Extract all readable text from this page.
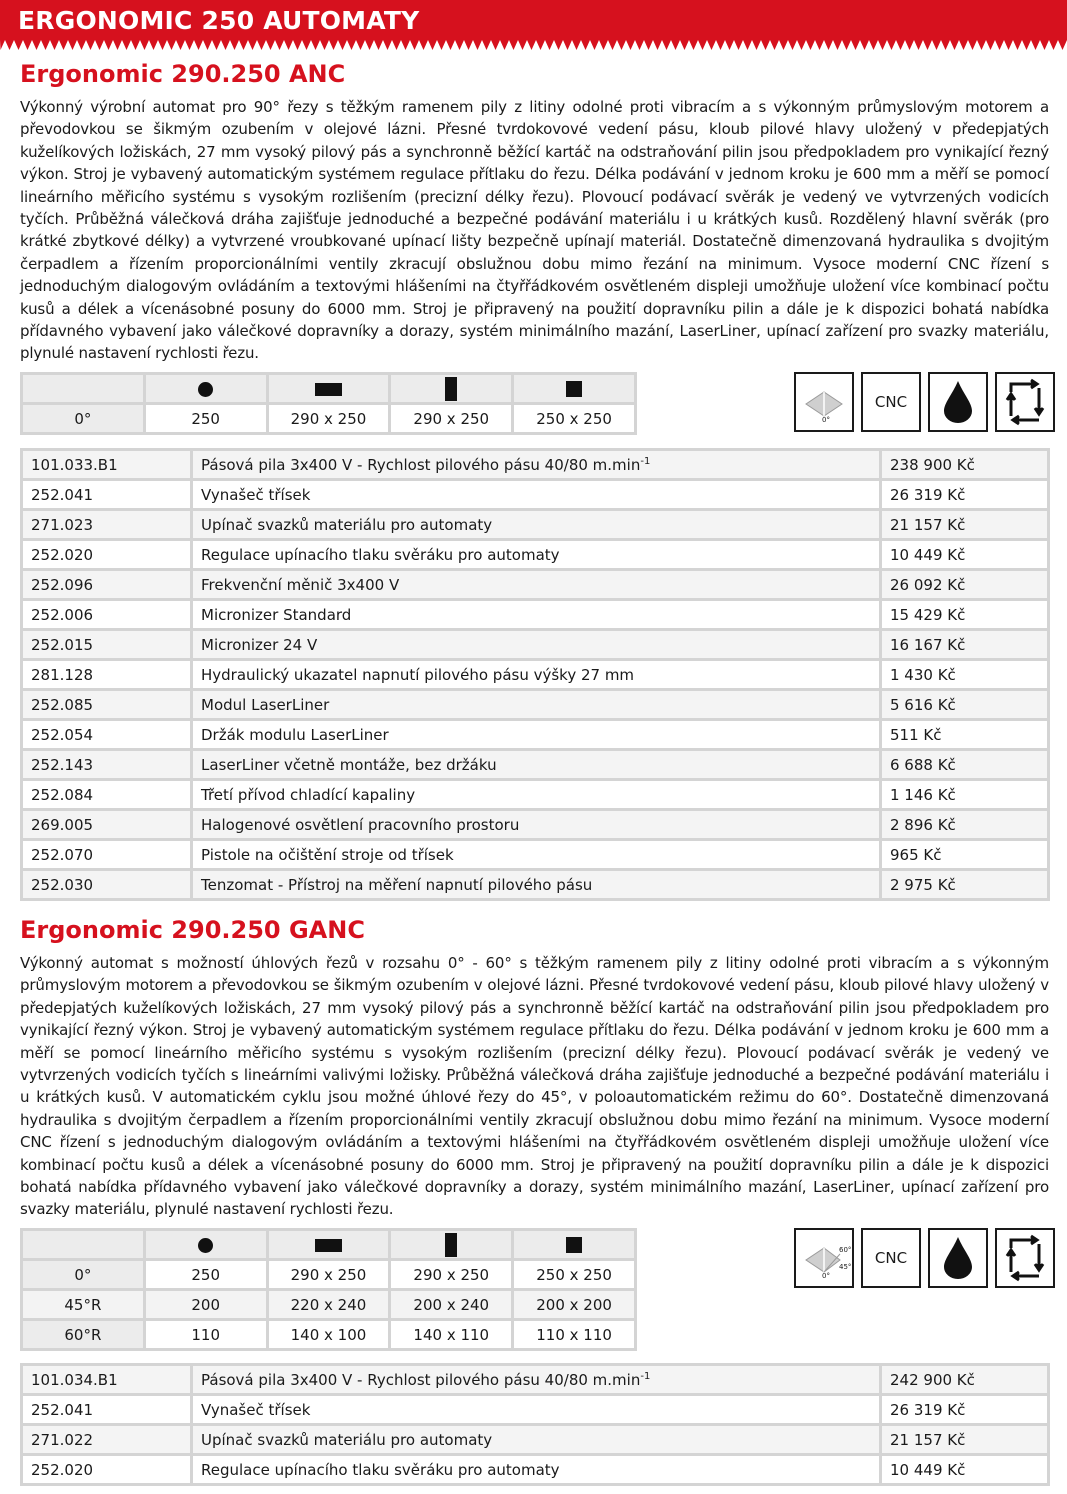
ERGONOMIC 250 AUTOMATY
Ergonomic 290.250 ANC
Výkonný výrobní automat pro 90° řezy s těžkým ramenem pily z litiny odolné proti vibracím a s výkonným průmyslovým motorem a převodovkou se šikmým ozubením v olejové lázni. Přesné tvrdokovové vedení pásu, kloub pilové hlavy uložený v předepjatých kuželíkových ložiskách, 27 mm vysoký pilový pás a synchronně běžící kartáč na odstraňování pilin jsou předpokladem pro vynikající řezný výkon. Stroj je vybavený automatickým systémem regulace přítlaku do řezu. Délka podávání v jednom kroku je 600 mm a měří se pomocí lineárního měřicího systému s vysokým rozlišením (precizní délky řezu). Plovoucí podávací svěrák je vedený ve vytvrzených vodicích tyčích. Průběžná válečková dráha zajišťuje jednoduché a bezpečné podávání materiálu i u krátkých kusů. Rozdělený hlavní svěrák (pro krátké zbytkové délky) a vytvrzené vroubkované upínací lišty bezpečně upínají materiál. Dostatečně dimenzovaná hydraulika s dvojitým čerpadlem a řízením proporcionálními ventily zkracují obslužnou dobu mimo řezání na minimum. Vysoce moderní CNC řízení s jednoduchým dialogovým ovládáním a textovými hlášeními na čtyřřádkovém osvětleném displeji umožňuje uložení více kombinací počtu kusů a délek a vícenásobné posuny do 6000 mm. Stroj je připravený na použití dopravníku pilin a dále je k dispozici bohatá nabídka přídavného vybavení jako válečkové dopravníky a dorazy, systém minimálního mazání, LaserLiner, upínací zařízení pro svazky materiálu, plynulé nastavení rychlosti řezu.

0°	250	290 x 250	290 x 250	250 x 250	0°
CNC
101.033.B1	Pásová pila 3x400 V - Rychlost pilového pásu 40/80 $m.\min^{-1}$	238 900 Kč
252.041	Vynašeč třísek	26 319 Kč
271.023	Upínač svazků materiálu pro automaty	21 157 Kč
252.020	Regulace upínacího tlaku svěráku pro automaty	10 449 Kč
252.096	Frekvenční měnič 3x400 V	26 092 Kč
252.006	Micronizer Standard	15 429 Kč
252.015	Micronizer 24 V	16 167 Kč
281.128	Hydraulický ukazatel napnutí pilového pásu výšky 27 mm	1 430 Kč
252.085	Modul LaserLiner	5 616 Kč
252.054	Držák modulu LaserLiner	511 Kč
252.143	LaserLiner včetně montáže, bez držáku	6 688 Kč
252.084	Třetí přívod chladící kapaliny	1 146 Kč
269.005	Halogenové osvětlení pracovního prostoru	2 896 Kč
252.070	Pistole na očištění stroje od třísek	965 Kč
252.030	Tenzomat - Přístroj na měření napnutí pilového pásu	2 975 Kč
Ergonomic 290.250 GANC
Výkonný automat s možností úhlových řezů v rozsahu 0° - 60° s těžkým ramenem pily z litiny odolné proti vibracím a s výkonným průmyslovým motorem a převodovkou se šikmým ozubením v olejové lázni. Přesné tvrdokovové vedení pásu, kloub pilové hlavy uložený v předepjatých kuželíkových ložiskách, 27 mm vysoký pilový pás a synchronně běžící kartáč na odstraňování pilin jsou předpokladem pro vynikající řezný výkon. Stroj je vybavený automatickým systémem regulace přítlaku do řezu. Délka podávání v jednom kroku je 600 mm a měří se pomocí lineárního měřicího systému s vysokým rozlišením (precizní délky řezu). Plovoucí podávací svěrák je vedený ve vytvrzených vodicích tyčích s lineárními valivými ložisky. Průběžná válečková dráha zajišťuje jednoduché a bezpečné podávání materiálu i u krátkých kusů. V automatickém cyklu jsou možné úhlové řezy do 45°, v poloautomatickém režimu do 60°. Dostatečně dimenzovaná hydraulika s dvojitým čerpadlem a řízením proporcionálními ventily zkracují obslužnou dobu mimo řezání na minimum. Vysoce moderní CNC řízení s jednoduchým dialogovým ovládáním a textovými hlášeními na čtyřřádkovém osvětleném displeji umožňuje uložení více kombinací počtu kusů a délek a vícenásobné posuny do 6000 mm. Stroj je připravený na použití dopravníku pilin a dále je k dispozici bohatá nabídka přídavného vybavení jako válečkové dopravníky a dorazy, systém minimálního mazání, LaserLiner, upínací zařízení pro svazky materiálu, plynulé nastavení rychlosti řezu.

0°	250	290 x 250	290 x 250	250 x 250
45°R	200	220 x 240	200 x 240	200 x 200
60°R	110	140 x 100	140 x 110	110 x 110
60°
45°
0°
CNC
101.034.B1	Pásová pila 3x400 V - Rychlost pilového pásu 40/80 $m.\min^{-1}$	242 900 Kč
252.041	Vynašeč třísek	26 319 Kč
271.022	Upínač svazků materiálu pro automaty	21 157 Kč
252.020	Regulace upínacího tlaku svěráku pro automaty	10 449 Kč
